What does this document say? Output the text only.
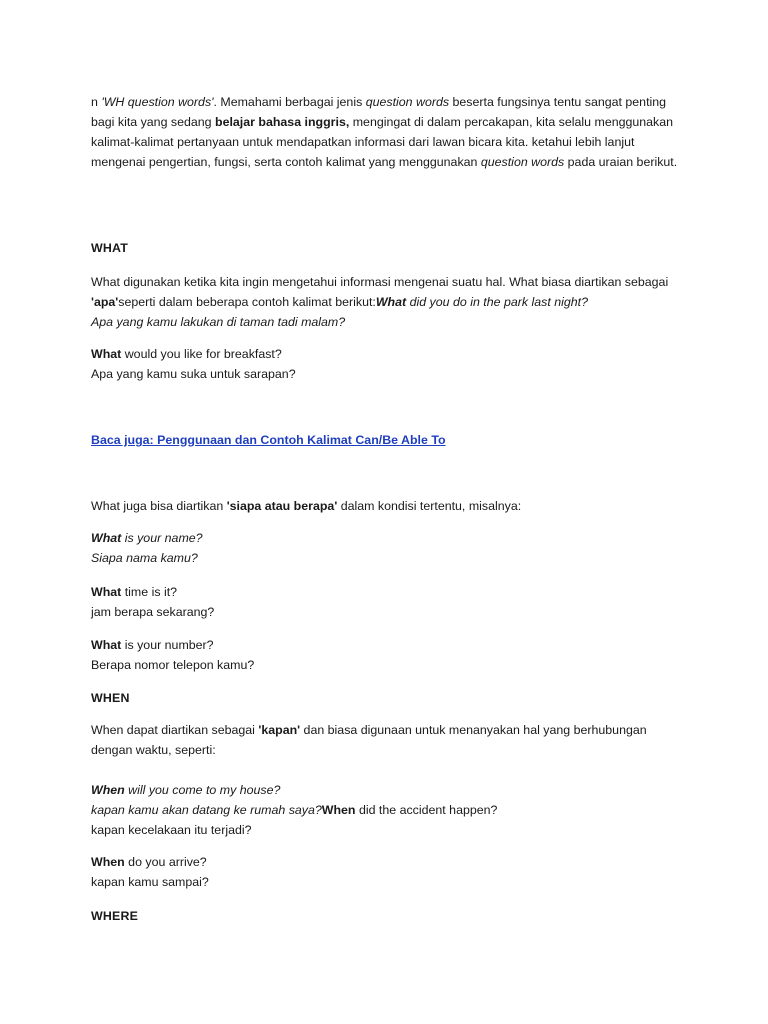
n 'WH question words'. Memahami berbagai jenis question words beserta fungsinya tentu sangat penting bagi kita yang sedang belajar bahasa inggris, mengingat di dalam percakapan, kita selalu menggunakan kalimat-kalimat pertanyaan untuk mendapatkan informasi dari lawan bicara kita. ketahui lebih lanjut mengenai pengertian, fungsi, serta contoh kalimat yang menggunakan question words pada uraian berikut.

WHAT

What digunakan ketika kita ingin mengetahui informasi mengenai suatu hal. What biasa diartikan sebagai 'apa'seperti dalam beberapa contoh kalimat berikut:What did you do in the park last night?
Apa yang kamu lakukan di taman tadi malam?

What would you like for breakfast?
Apa yang kamu suka untuk sarapan?

Baca juga: Penggunaan dan Contoh Kalimat Can/Be Able To

What juga bisa diartikan 'siapa atau berapa' dalam kondisi tertentu, misalnya:

What is your name?
Siapa nama kamu?

What time is it?
jam berapa sekarang?

What is your number?
Berapa nomor telepon kamu?

WHEN

When dapat diartikan sebagai 'kapan' dan biasa digunaan untuk menanyakan hal yang berhubungan dengan waktu, seperti:

When will you come to my house?
kapan kamu akan datang ke rumah saya?When did the accident happen?
kapan kecelakaan itu terjadi?

When do you arrive?
kapan kamu sampai?

WHERE
